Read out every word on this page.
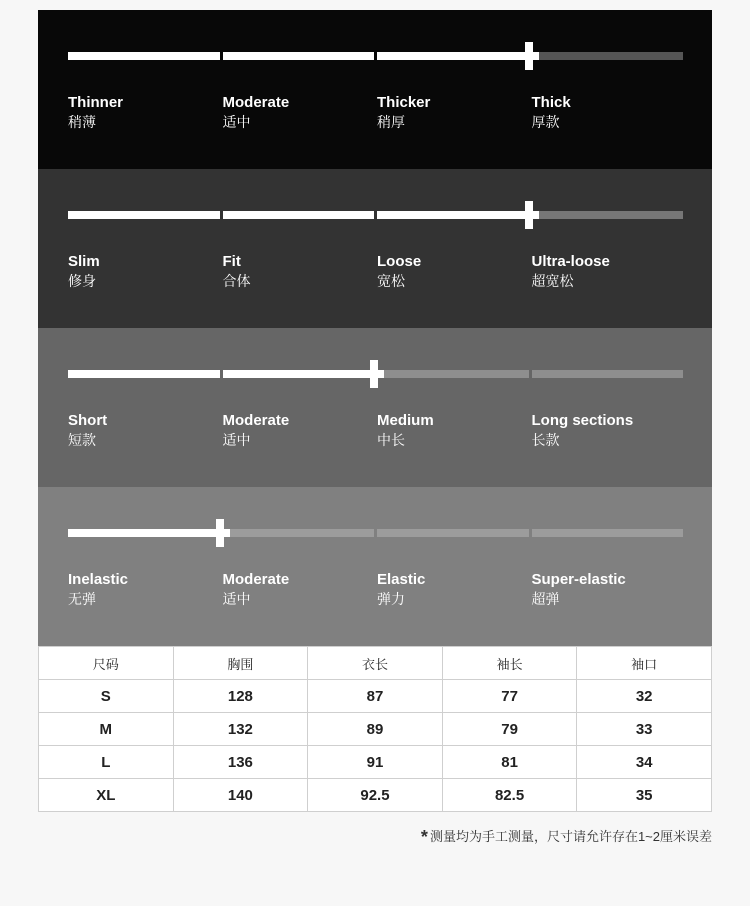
Thinner
稍薄
Moderate
适中
Thicker
稍厚
Thick
厚款
Slim
修身
Fit
合体
Loose
宽松
Ultra-loose
超宽松
Short
短款
Moderate
适中
Medium
中长
Long sections
长款
Inelastic
无弹
Moderate
适中
Elastic
弹力
Super-elastic
超弹
尺码	胸围	衣长	袖长	袖口
S	128	87	77	32
M	132	89	79	33
L	136	91	81	34
XL	140	92.5	82.5	35
* 测量均为手工测量，尺寸请允许存在1~2厘米误差
